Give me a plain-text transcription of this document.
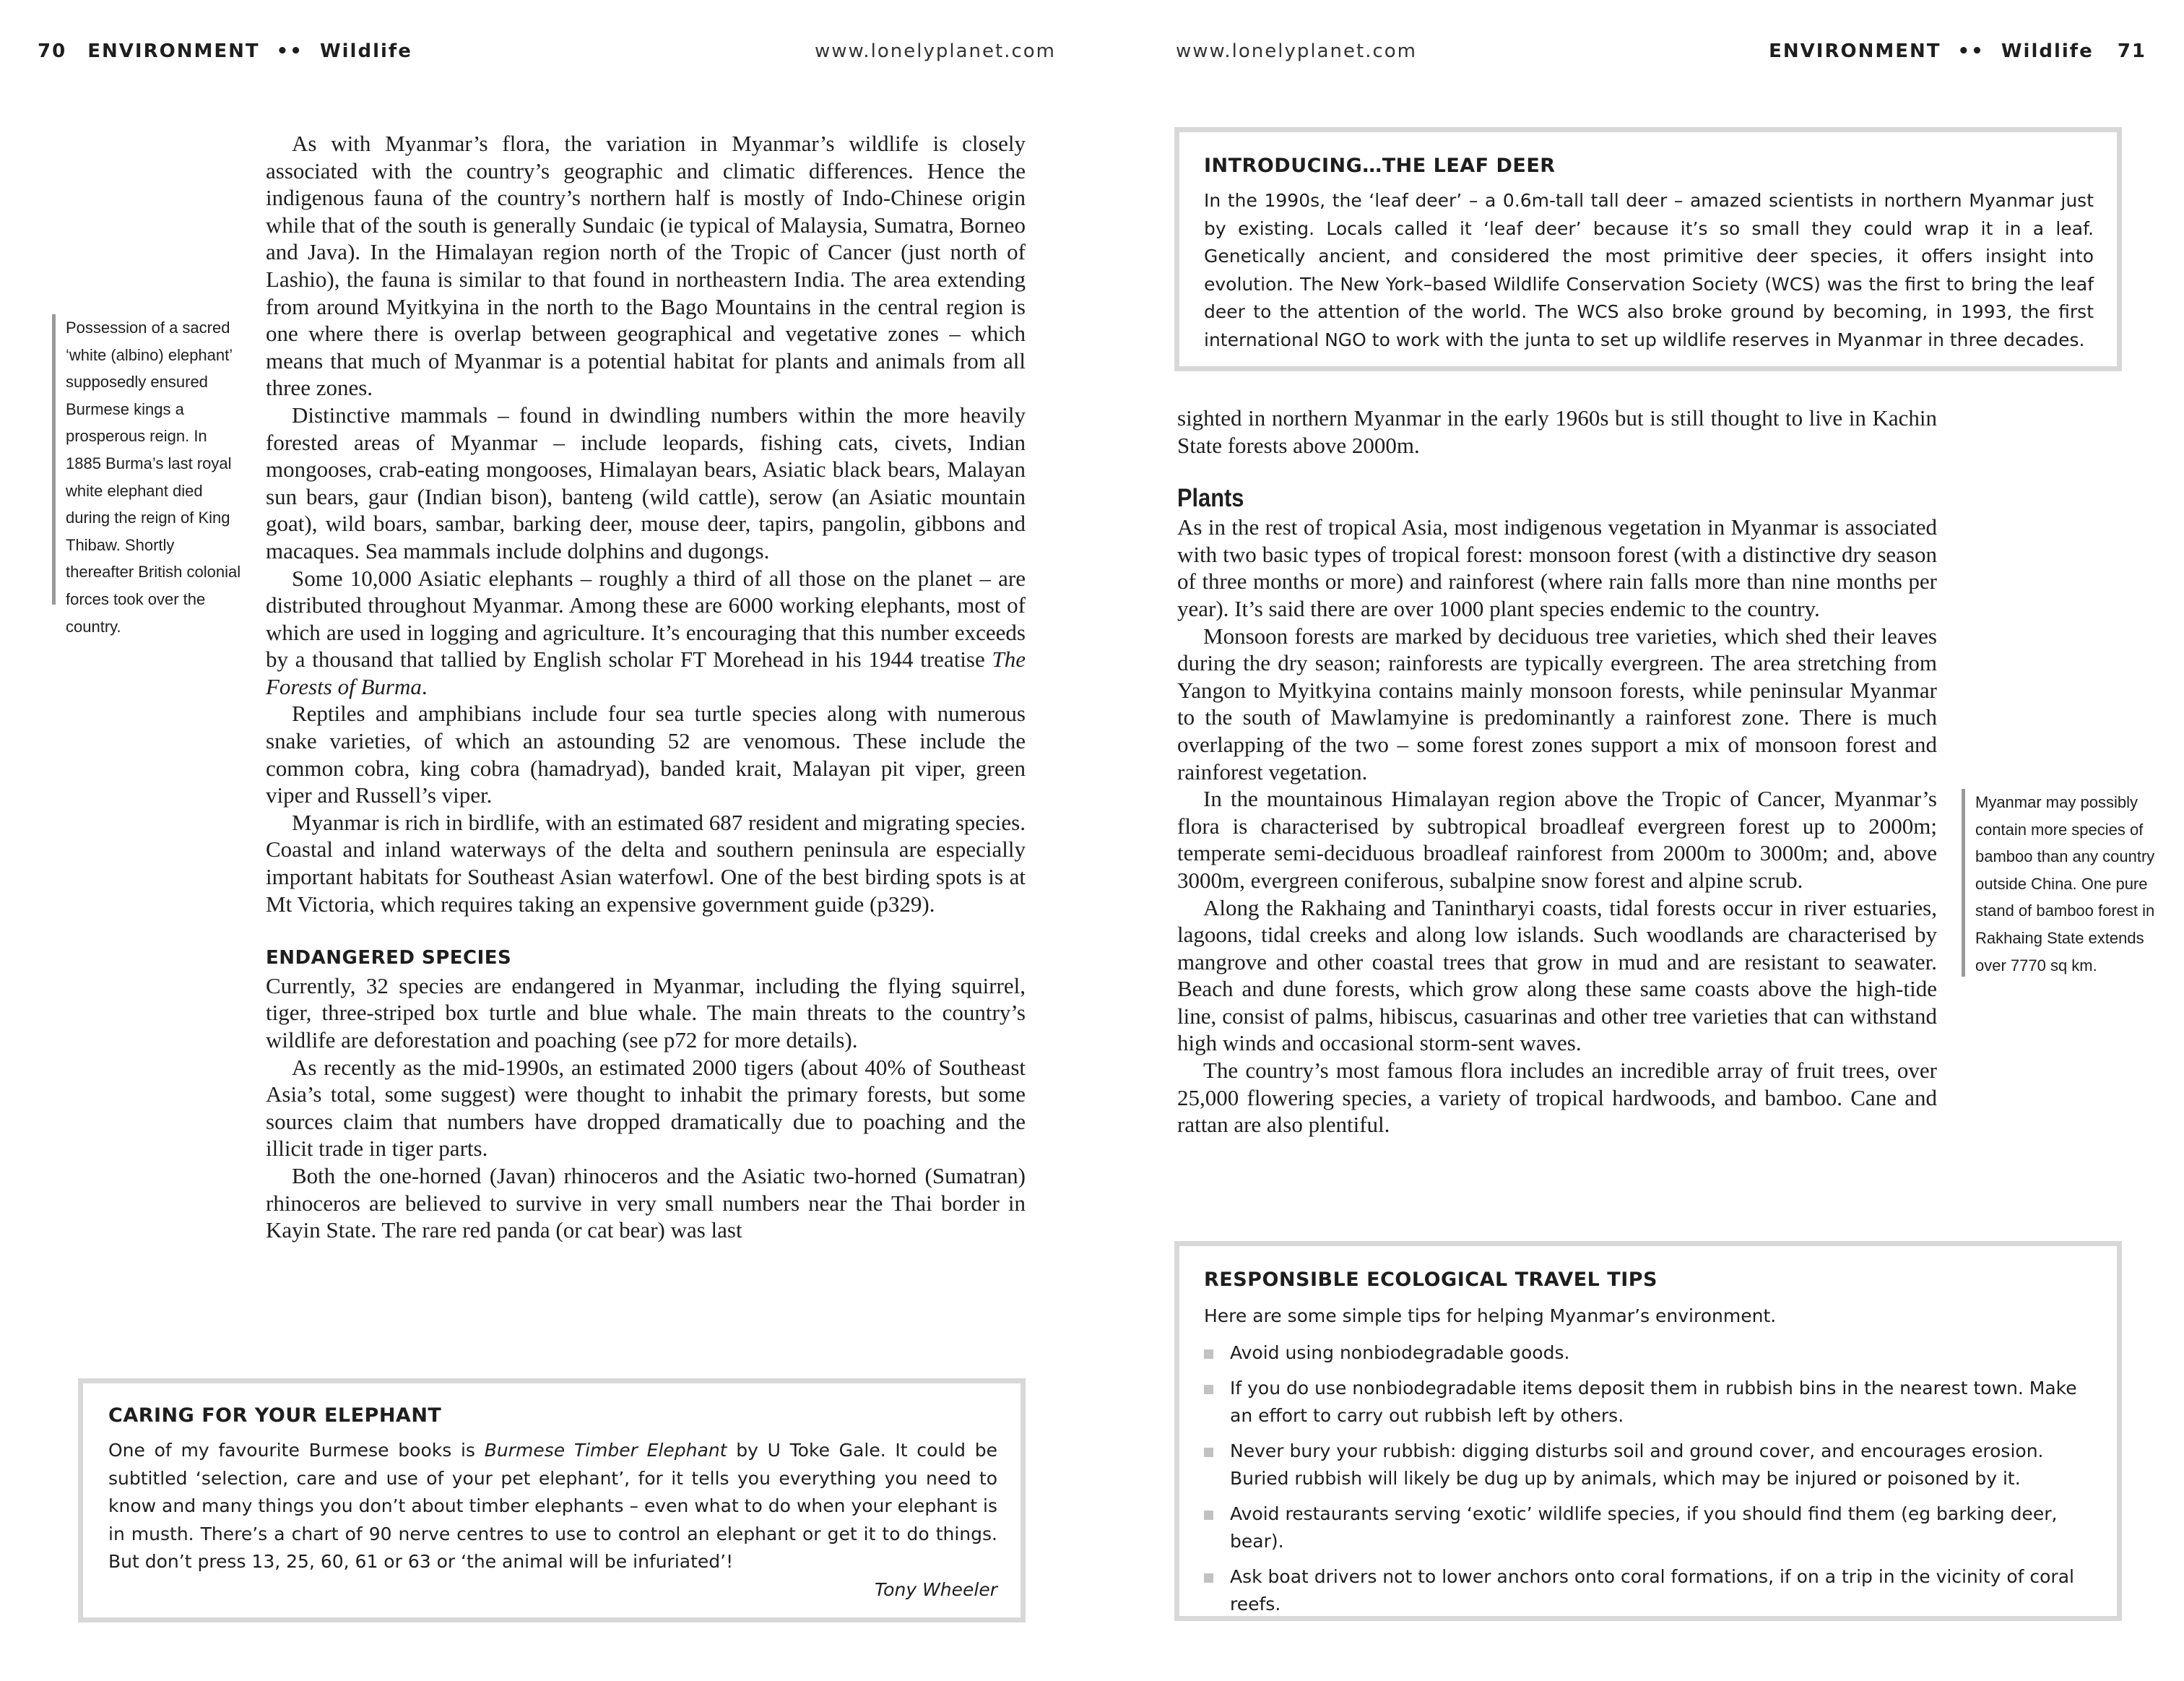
70 ENVIRONMENT •• Wildlife	www.lonelyplanet.com
Possession of a sacred ‘white (albino) elephant’ supposedly ensured Burmese kings a prosperous reign. In 1885 Burma’s last royal white elephant died during the reign of King Thibaw. Shortly thereafter British colonial forces took over the country.

As with Myanmar’s flora, the variation in Myanmar’s wildlife is closely associated with the country’s geographic and climatic differences. Hence the indigenous fauna of the country’s northern half is mostly of Indo-Chinese origin while that of the south is generally Sundaic (ie typical of Malaysia, Sumatra, Borneo and Java). In the Himalayan region north of the Tropic of Cancer (just north of Lashio), the fauna is similar to that found in northeastern India. The area extending from around Myitkyina in the north to the Bago Mountains in the central region is one where there is overlap between geographical and vegetative zones – which means that much of Myanmar is a potential habitat for plants and animals from all three zones.

Distinctive mammals – found in dwindling numbers within the more heavily forested areas of Myanmar – include leopards, fishing cats, civets, Indian mongooses, crab-eating mongooses, Himalayan bears, Asiatic black bears, Malayan sun bears, gaur (Indian bison), banteng (wild cattle), serow (an Asiatic mountain goat), wild boars, sambar, barking deer, mouse deer, tapirs, pangolin, gibbons and macaques. Sea mammals include dolphins and dugongs.

Some 10,000 Asiatic elephants – roughly a third of all those on the planet – are distributed throughout Myanmar. Among these are 6000 working elephants, most of which are used in logging and agriculture. It’s encouraging that this number exceeds by a thousand that tallied by English scholar FT Morehead in his 1944 treatise The Forests of Burma.

Reptiles and amphibians include four sea turtle species along with numerous snake varieties, of which an astounding 52 are venomous. These include the common cobra, king cobra (hamadryad), banded krait, Malayan pit viper, green viper and Russell’s viper.

Myanmar is rich in birdlife, with an estimated 687 resident and migrating species. Coastal and inland waterways of the delta and southern peninsula are especially important habitats for Southeast Asian waterfowl. One of the best birding spots is at Mt Victoria, which requires taking an expensive government guide (p329).

ENDANGERED SPECIES

Currently, 32 species are endangered in Myanmar, including the flying squirrel, tiger, three-striped box turtle and blue whale. The main threats to the country’s wildlife are deforestation and poaching (see p72 for more details).

As recently as the mid-1990s, an estimated 2000 tigers (about 40% of Southeast Asia’s total, some suggest) were thought to inhabit the primary forests, but some sources claim that numbers have dropped dramatically due to poaching and the illicit trade in tiger parts.

Both the one-horned (Javan) rhinoceros and the Asiatic two-horned (Sumatran) rhinoceros are believed to survive in very small numbers near the Thai border in Kayin State. The rare red panda (or cat bear) was last

CARING FOR YOUR ELEPHANT
One of my favourite Burmese books is Burmese Timber Elephant by U Toke Gale. It could be subtitled ‘selection, care and use of your pet elephant’, for it tells you everything you need to know and many things you don’t about timber elephants – even what to do when your elephant is in musth. There’s a chart of 90 nerve centres to use to control an elephant or get it to do things. But don’t press 13, 25, 60, 61 or 63 or ‘the animal will be infuriated’!
Tony Wheeler
www.lonelyplanet.com	ENVIRONMENT •• Wildlife 71
INTRODUCING…THE LEAF DEER
In the 1990s, the ‘leaf deer’ – a 0.6m-tall tall deer – amazed scientists in northern Myanmar just by existing. Locals called it ‘leaf deer’ because it’s so small they could wrap it in a leaf. Genetically ancient, and considered the most primitive deer species, it offers insight into evolution. The New York–based Wildlife Conservation Society (WCS) was the first to bring the leaf deer to the attention of the world. The WCS also broke ground by becoming, in 1993, the first international NGO to work with the junta to set up wildlife reserves in Myanmar in three decades.

sighted in northern Myanmar in the early 1960s but is still thought to live in Kachin State forests above 2000m.

Plants

As in the rest of tropical Asia, most indigenous vegetation in Myanmar is associated with two basic types of tropical forest: monsoon forest (with a distinctive dry season of three months or more) and rainforest (where rain falls more than nine months per year). It’s said there are over 1000 plant species endemic to the country.

Monsoon forests are marked by deciduous tree varieties, which shed their leaves during the dry season; rainforests are typically evergreen. The area stretching from Yangon to Myitkyina contains mainly monsoon forests, while peninsular Myanmar to the south of Mawlamyine is predominantly a rainforest zone. There is much overlapping of the two – some forest zones support a mix of monsoon forest and rainforest vegetation.

In the mountainous Himalayan region above the Tropic of Cancer, Myanmar’s flora is characterised by subtropical broadleaf evergreen forest up to 2000m; temperate semi-deciduous broadleaf rainforest from 2000m to 3000m; and, above 3000m, evergreen coniferous, subalpine snow forest and alpine scrub.

Along the Rakhaing and Tanintharyi coasts, tidal forests occur in river estuaries, lagoons, tidal creeks and along low islands. Such woodlands are characterised by mangrove and other coastal trees that grow in mud and are resistant to seawater. Beach and dune forests, which grow along these same coasts above the high-tide line, consist of palms, hibiscus, casuarinas and other tree varieties that can withstand high winds and occasional storm-sent waves.

The country’s most famous flora includes an incredible array of fruit trees, over 25,000 flowering species, a variety of tropical hardwoods, and bamboo. Cane and rattan are also plentiful.

Myanmar may possibly contain more species of bamboo than any country outside China. One pure stand of bamboo forest in Rakhaing State extends over 7770 sq km.
RESPONSIBLE ECOLOGICAL TRAVEL TIPS
Here are some simple tips for helping Myanmar’s environment.
Avoid using nonbiodegradable goods.
If you do use nonbiodegradable items deposit them in rubbish bins in the nearest town. Make an effort to carry out rubbish left by others.
Never bury your rubbish: digging disturbs soil and ground cover, and encourages erosion. Buried rubbish will likely be dug up by animals, which may be injured or poisoned by it.
Avoid restaurants serving ‘exotic’ wildlife species, if you should find them (eg barking deer, bear).
Ask boat drivers not to lower anchors onto coral formations, if on a trip in the vicinity of coral reefs.
